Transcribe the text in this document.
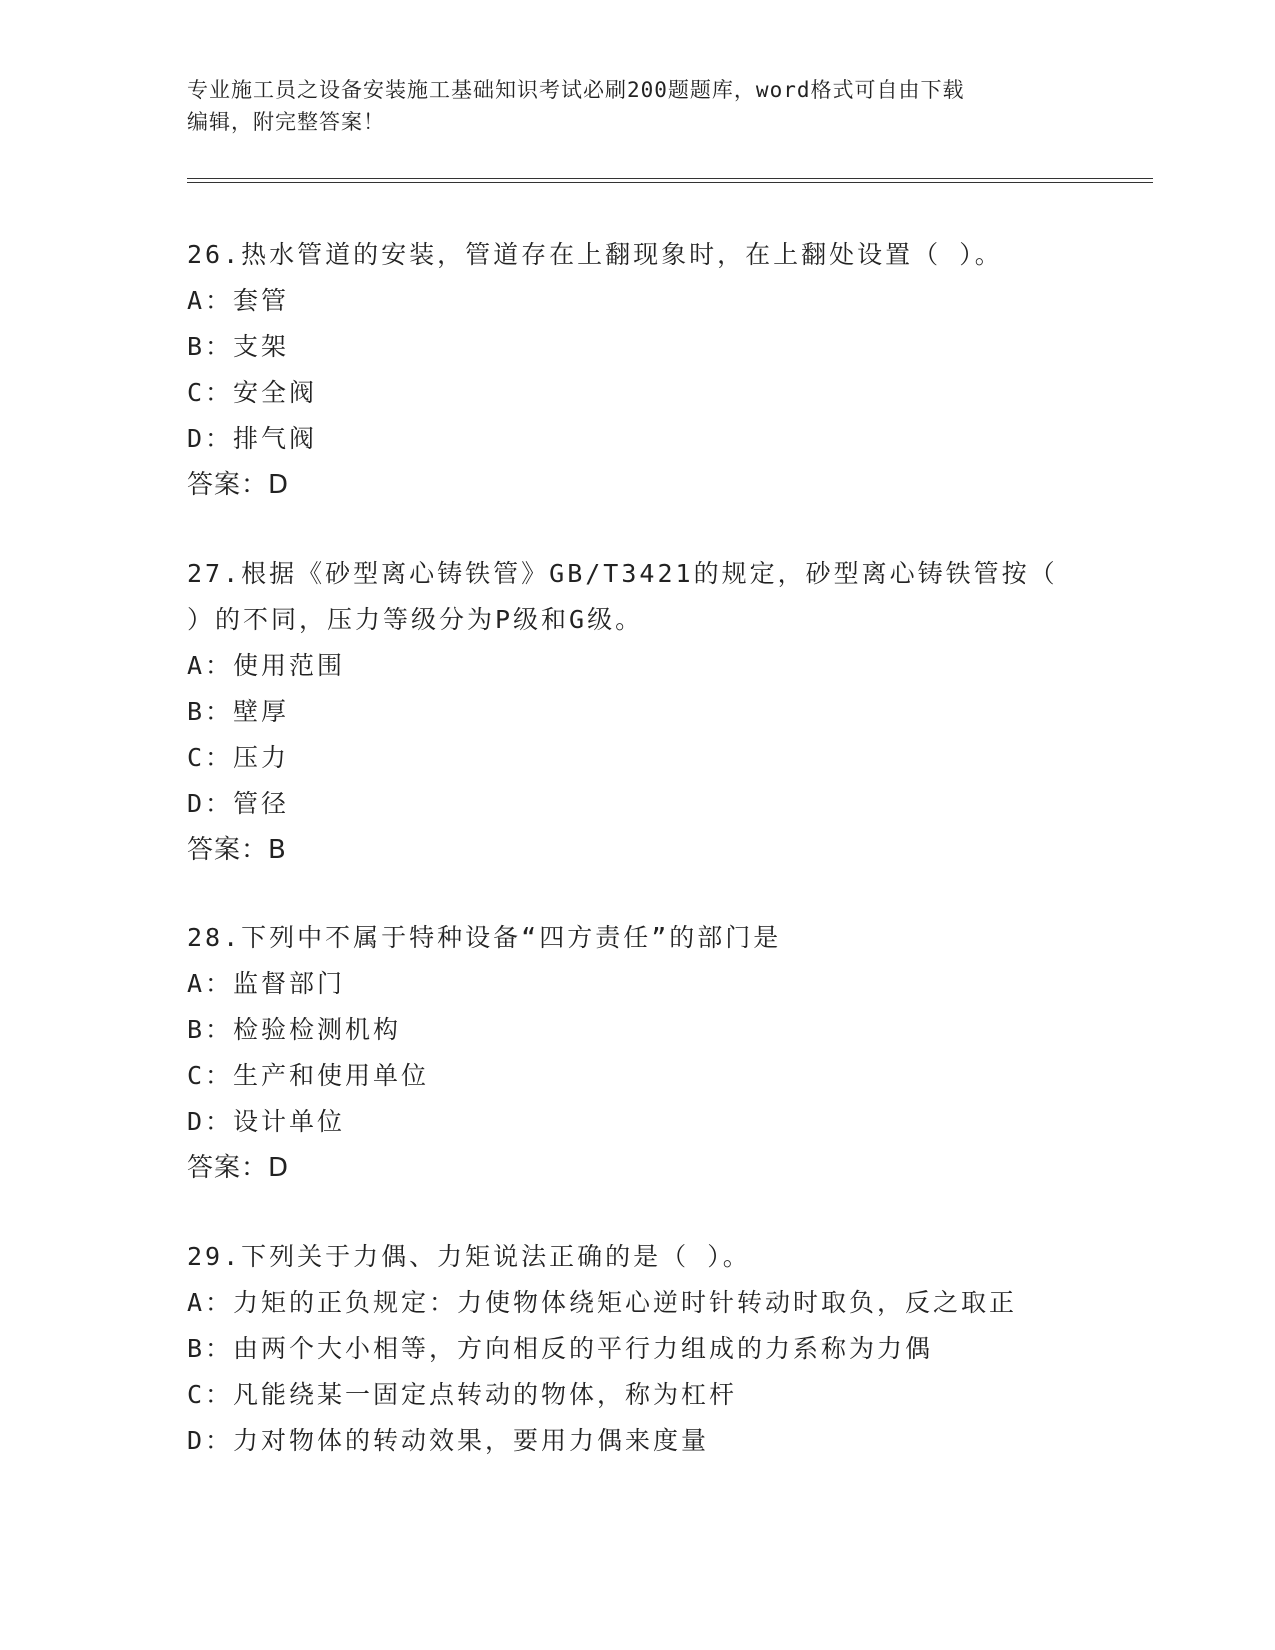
专业施工员之设备安装施工基础知识考试必刷200题题库，word格式可自由下载
编辑，附完整答案！
26.热水管道的安装，管道存在上翻现象时，在上翻处设置（ ）。
A：套管
B：支架
C：安全阀
D：排气阀
答案：D
27.根据《砂型离心铸铁管》GB/T3421的规定，砂型离心铸铁管按（
）的不同，压力等级分为P级和G级。
A：使用范围
B：壁厚
C：压力
D：管径
答案：B
28.下列中不属于特种设备“四方责任”的部门是
A：监督部门
B：检验检测机构
C：生产和使用单位
D：设计单位
答案：D
29.下列关于力偶、力矩说法正确的是（ ）。
A：力矩的正负规定：力使物体绕矩心逆时针转动时取负，反之取正
B：由两个大小相等，方向相反的平行力组成的力系称为力偶
C：凡能绕某一固定点转动的物体，称为杠杆
D：力对物体的转动效果，要用力偶来度量
